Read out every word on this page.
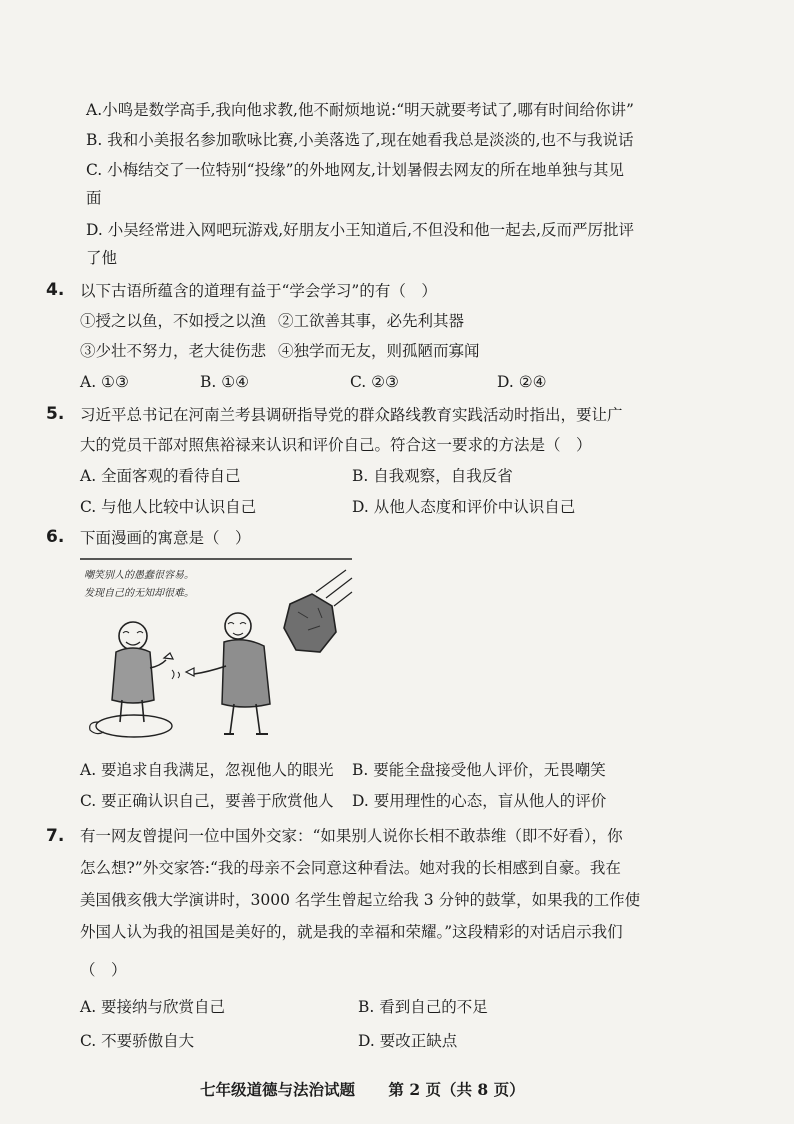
A.小鸣是数学高手,我向他求教,他不耐烦地说:“明天就要考试了,哪有时间给你讲”
B. 我和小美报名参加歌咏比赛,小美落选了,现在她看我总是淡淡的,也不与我说话
C. 小梅结交了一位特别“投缘”的外地网友,计划暑假去网友的所在地单独与其见
面
D. 小吴经常进入网吧玩游戏,好朋友小王知道后,不但没和他一起去,反而严厉批评
了他
4. 以下古语所蕴含的道理有益于“学会学习”的有（　）
①授之以鱼，不如授之以渔 ②工欲善其事，必先利其器
③少壮不努力，老大徒伤悲 ④独学而无友，则孤陋而寡闻
A. ①③	B. ①④	C. ②③	D. ②④
5. 习近平总书记在河南兰考县调研指导党的群众路线教育实践活动时指出，要让广
大的党员干部对照焦裕禄来认识和评价自己。符合这一要求的方法是（　）
A. 全面客观的看待自己	B. 自我观察，自我反省
C. 与他人比较中认识自己	D. 从他人态度和评价中认识自己
6. 下面漫画的寓意是（　）
嘲笑别人的愚蠢很容易。
发现自己的无知却很难。
A. 要追求自我满足，忽视他人的眼光 B. 要能全盘接受他人评价，无畏嘲笑
C. 要正确认识自己，要善于欣赏他人 D. 要用理性的心态，盲从他人的评价
7. 有一网友曾提问一位中国外交家：“如果别人说你长相不敢恭维（即不好看），你
怎么想?”外交家答:“我的母亲不会同意这种看法。她对我的长相感到自豪。我在
美国俄亥俄大学演讲时，3000 名学生曾起立给我 3 分钟的鼓掌，如果我的工作使
外国人认为我的祖国是美好的，就是我的幸福和荣耀。”这段精彩的对话启示我们
（　）
A. 要接纳与欣赏自己	B. 看到自己的不足
C. 不要骄傲自大	D. 要改正缺点
七年级道德与法治试题 第 2 页（共 8 页）
